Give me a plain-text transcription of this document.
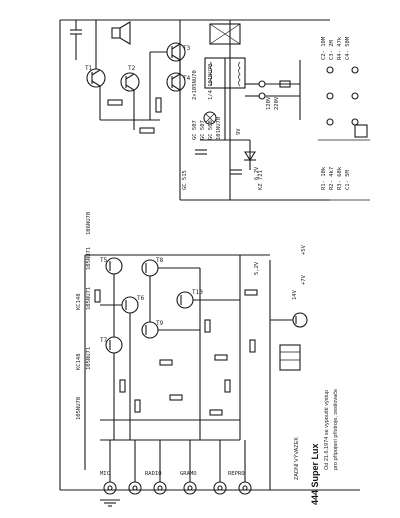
T1	T2
T3
T4
T5
T6
T7
T8
T9
T10
GC 507 GC 507
2×105NU70
GC 508 101NU70
1/4 101NU70
KC148 105NU71
105NU71
105NU71
105NU70
106NU70
KC148
GC 515	KZ 721
120V 220V
9V
6,2V
5,2V
14V
+5V
+7V
R1- 10k R2- 4k7 R3- 68k C1- 5M
C2- 10M C3- 2M R4- 47k C4- 50M
MIC	RADIO	GRAMO	REPRO	444 Super Lux
ZADNÍ VÝVAZEK	Od 21.6.1974 se vypouští výstup pro přípojení přístroje, zesilovače
